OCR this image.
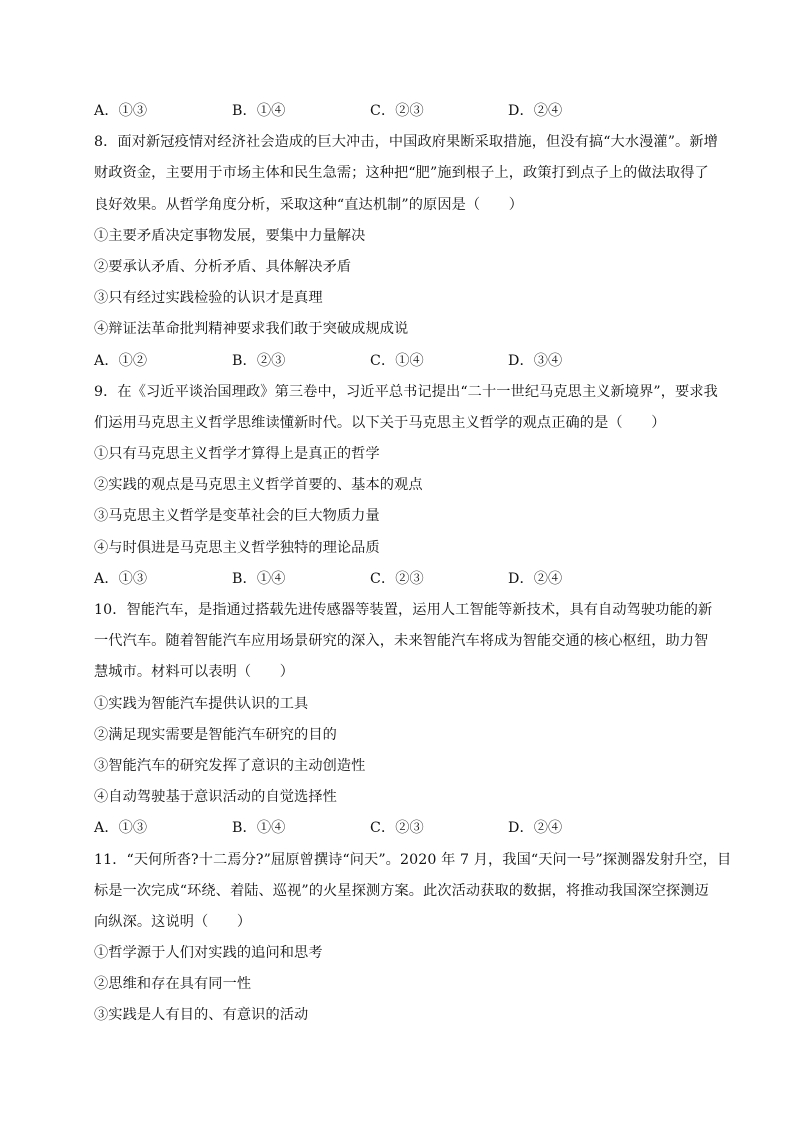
A．①③	B．①④	C．②③	D．②④
8．面对新冠疫情对经济社会造成的巨大冲击，中国政府果断采取措施，但没有搞“大水漫灌”。新增
财政资金，主要用于市场主体和民生急需；这种把“肥”施到根子上，政策打到点子上的做法取得了
良好效果。从哲学角度分析，采取这种“直达机制”的原因是（　　）
①主要矛盾决定事物发展，要集中力量解决
②要承认矛盾、分析矛盾、具体解决矛盾
③只有经过实践检验的认识才是真理
④辩证法革命批判精神要求我们敢于突破成规成说
A．①②	B．②③	C．①④	D．③④
9．在《习近平谈治国理政》第三卷中，习近平总书记提出“二十一世纪马克思主义新境界”，要求我
们运用马克思主义哲学思维读懂新时代。以下关于马克思主义哲学的观点正确的是（　　）
①只有马克思主义哲学才算得上是真正的哲学
②实践的观点是马克思主义哲学首要的、基本的观点
③马克思主义哲学是变革社会的巨大物质力量
④与时俱进是马克思主义哲学独特的理论品质
A．①③	B．①④	C．②③	D．②④
10．智能汽车，是指通过搭载先进传感器等装置，运用人工智能等新技术，具有自动驾驶功能的新
一代汽车。随着智能汽车应用场景研究的深入，未来智能汽车将成为智能交通的核心枢纽，助力智
慧城市。材料可以表明（　　）
①实践为智能汽车提供认识的工具
②满足现实需要是智能汽车研究的目的
③智能汽车的研究发挥了意识的主动创造性
④自动驾驶基于意识活动的自觉选择性
A．①③	B．①④	C．②③	D．②④
11．“天何所沓?十二焉分?”屈原曾撰诗“问天”。2020 年 7 月，我国“天问一号”探测器发射升空，目
标是一次完成“环绕、着陆、巡视”的火星探测方案。此次活动获取的数据，将推动我国深空探测迈
向纵深。这说明（　　）
①哲学源于人们对实践的追问和思考
②思维和存在具有同一性
③实践是人有目的、有意识的活动
